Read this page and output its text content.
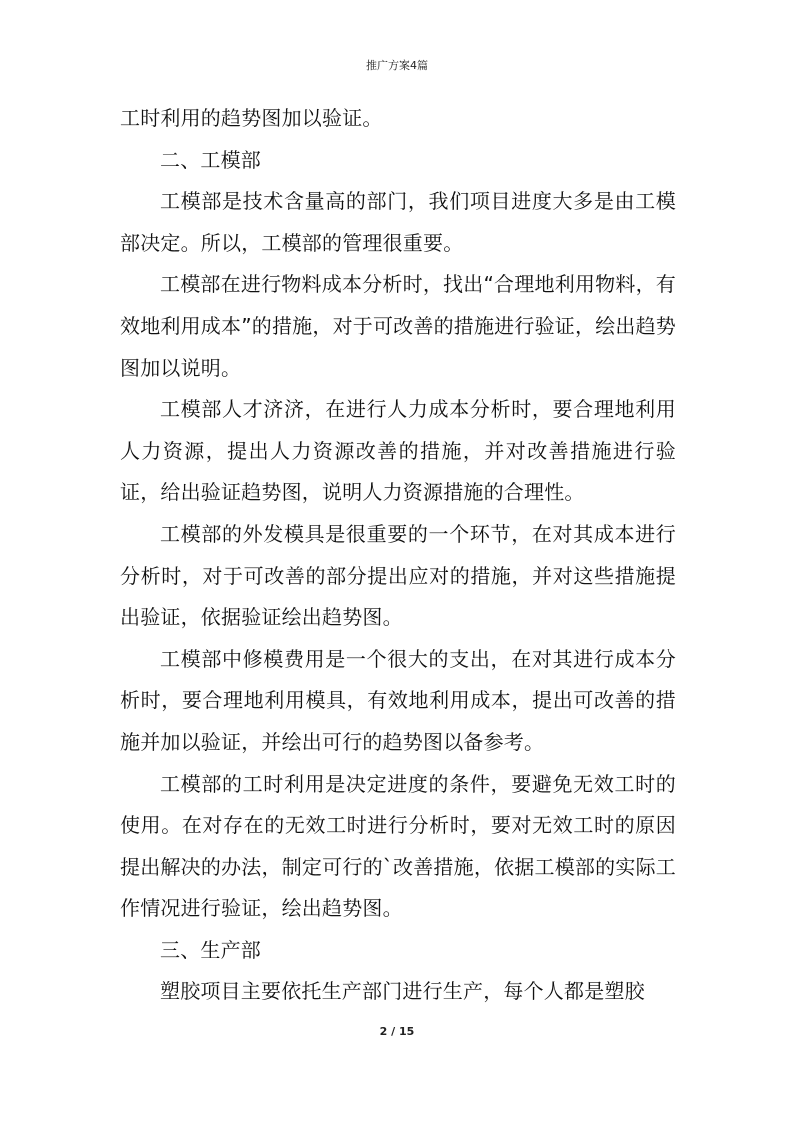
推广方案4篇

工时利用的趋势图加以验证。

二、工模部

工模部是技术含量高的部门，我们项目进度大多是由工模部决定。所以，工模部的管理很重要。

工模部在进行物料成本分析时，找出“合理地利用物料，有效地利用成本”的措施，对于可改善的措施进行验证，绘出趋势图加以说明。

工模部人才济济，在进行人力成本分析时，要合理地利用人力资源，提出人力资源改善的措施，并对改善措施进行验证，给出验证趋势图，说明人力资源措施的合理性。

工模部的外发模具是很重要的一个环节，在对其成本进行分析时，对于可改善的部分提出应对的措施，并对这些措施提出验证，依据验证绘出趋势图。

工模部中修模费用是一个很大的支出，在对其进行成本分析时，要合理地利用模具，有效地利用成本，提出可改善的措施并加以验证，并绘出可行的趋势图以备参考。

工模部的工时利用是决定进度的条件，要避免无效工时的使用。在对存在的无效工时进行分析时，要对无效工时的原因提出解决的办法，制定可行的`改善措施，依据工模部的实际工作情况进行验证，绘出趋势图。

三、生产部

塑胶项目主要依托生产部门进行生产，每个人都是塑胶

2 / 15
